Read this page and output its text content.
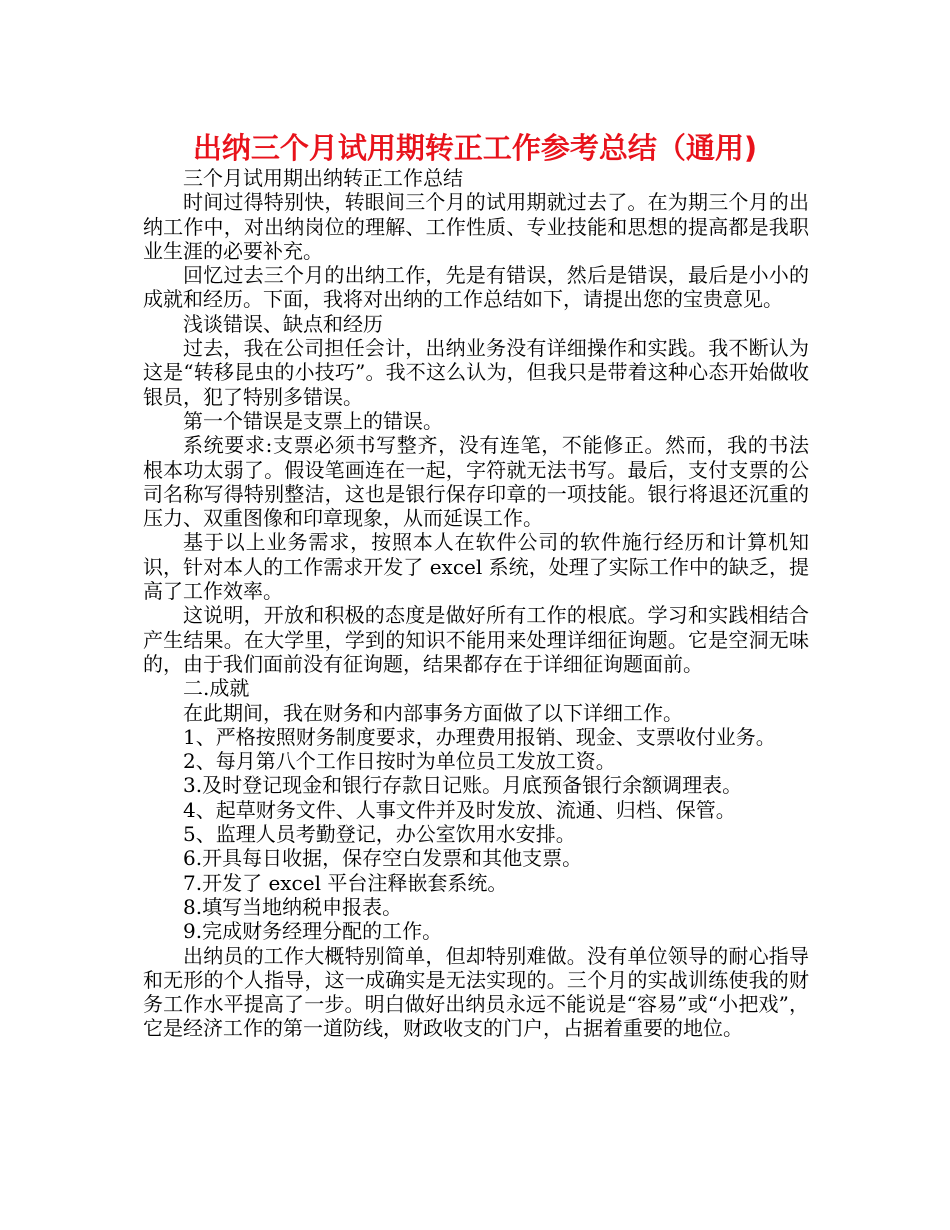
出纳三个月试用期转正工作参考总结（通用)

三个月试用期出纳转正工作总结

时间过得特别快，转眼间三个月的试用期就过去了。在为期三个月的出纳工作中，对出纳岗位的理解、工作性质、专业技能和思想的提高都是我职业生涯的必要补充。

回忆过去三个月的出纳工作，先是有错误，然后是错误，最后是小小的成就和经历。下面，我将对出纳的工作总结如下，请提出您的宝贵意见。

浅谈错误、缺点和经历

过去，我在公司担任会计，出纳业务没有详细操作和实践。我不断认为这是“转移昆虫的小技巧”。我不这么认为，但我只是带着这种心态开始做收银员，犯了特别多错误。

第一个错误是支票上的错误。

系统要求:支票必须书写整齐，没有连笔，不能修正。然而，我的书法根本功太弱了。假设笔画连在一起，字符就无法书写。最后，支付支票的公司名称写得特别整洁，这也是银行保存印章的一项技能。银行将退还沉重的压力、双重图像和印章现象，从而延误工作。

基于以上业务需求，按照本人在软件公司的软件施行经历和计算机知识，针对本人的工作需求开发了 excel 系统，处理了实际工作中的缺乏，提高了工作效率。

这说明，开放和积极的态度是做好所有工作的根底。学习和实践相结合产生结果。在大学里，学到的知识不能用来处理详细征询题。它是空洞无味的，由于我们面前没有征询题，结果都存在于详细征询题面前。

二.成就

在此期间，我在财务和内部事务方面做了以下详细工作。

1、严格按照财务制度要求，办理费用报销、现金、支票收付业务。

2、每月第八个工作日按时为单位员工发放工资。

3.及时登记现金和银行存款日记账。月底预备银行余额调理表。

4、起草财务文件、人事文件并及时发放、流通、归档、保管。

5、监理人员考勤登记，办公室饮用水安排。

6.开具每日收据，保存空白发票和其他支票。

7.开发了 excel 平台注释嵌套系统。

8.填写当地纳税申报表。

9.完成财务经理分配的工作。

出纳员的工作大概特别简单，但却特别难做。没有单位领导的耐心指导和无形的个人指导，这一成确实是无法实现的。三个月的实战训练使我的财务工作水平提高了一步。明白做好出纳员永远不能说是“容易”或“小把戏”，它是经济工作的第一道防线，财政收支的门户，占据着重要的地位。
